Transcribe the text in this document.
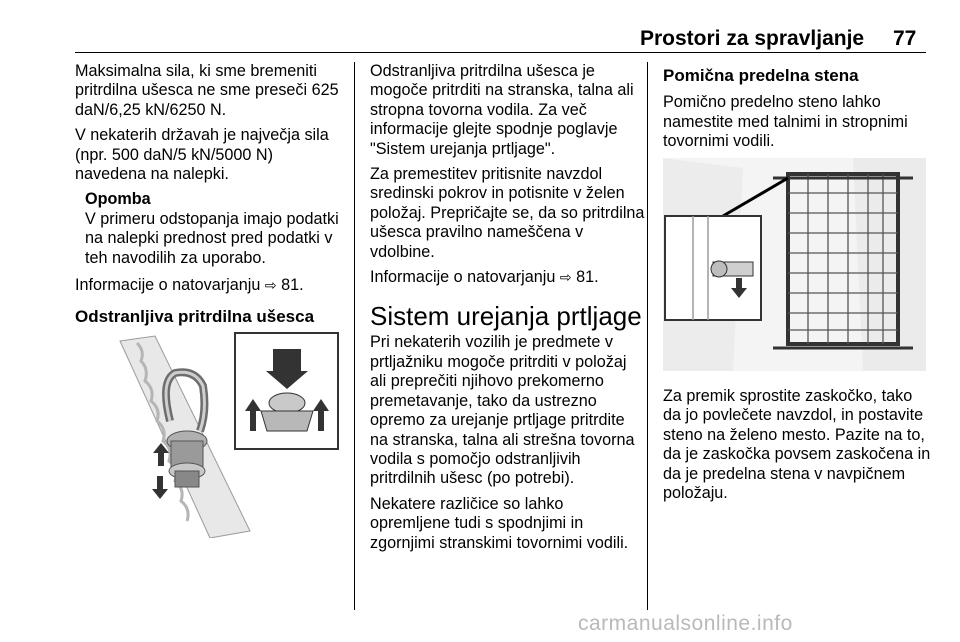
Prostori za spravljanje 77

Maksimalna sila, ki sme bremeniti pritrdilna ušesca ne sme preseči 625 daN/6,25 kN/6250 N.

V nekaterih državah je največja sila (npr. 500 daN/5 kN/5000 N) navedena na nalepki.

Opomba
V primeru odstopanja imajo podatki na nalepki prednost pred podatki v teh navodilih za uporabo.

Informacije o natovarjanju ⇨ 81.

Odstranljiva pritrdilna ušesca

Odstranljiva pritrdilna ušesca je mogoče pritrditi na stranska, talna ali stropna tovorna vodila. Za več informacije glejte spodnje poglavje "Sistem urejanja prtljage".

Za premestitev pritisnite navzdol sredinski pokrov in potisnite v želen položaj. Prepričajte se, da so pritrdilna ušesca pravilno nameščena v vdolbine.

Informacije o natovarjanju ⇨ 81.

Sistem urejanja prtljage

Pri nekaterih vozilih je predmete v prtljažniku mogoče pritrditi v položaj ali preprečiti njihovo prekomerno premetavanje, tako da ustrezno opremo za urejanje prtljage pritrdite na stranska, talna ali strešna tovorna vodila s pomočjo odstranljivih pritrdilnih ušesc (po potrebi).

Nekatere različice so lahko opremljene tudi s spodnjimi in zgornjimi stranskimi tovornimi vodili.

Pomična predelna stena

Pomično predelno steno lahko namestite med talnimi in stropnimi tovornimi vodili.

Za premik sprostite zaskočko, tako da jo povlečete navzdol, in postavite steno na želeno mesto. Pazite na to, da je zaskočka povsem zaskočena in da je predelna stena v navpičnem položaju.

carmanualsonline.info
